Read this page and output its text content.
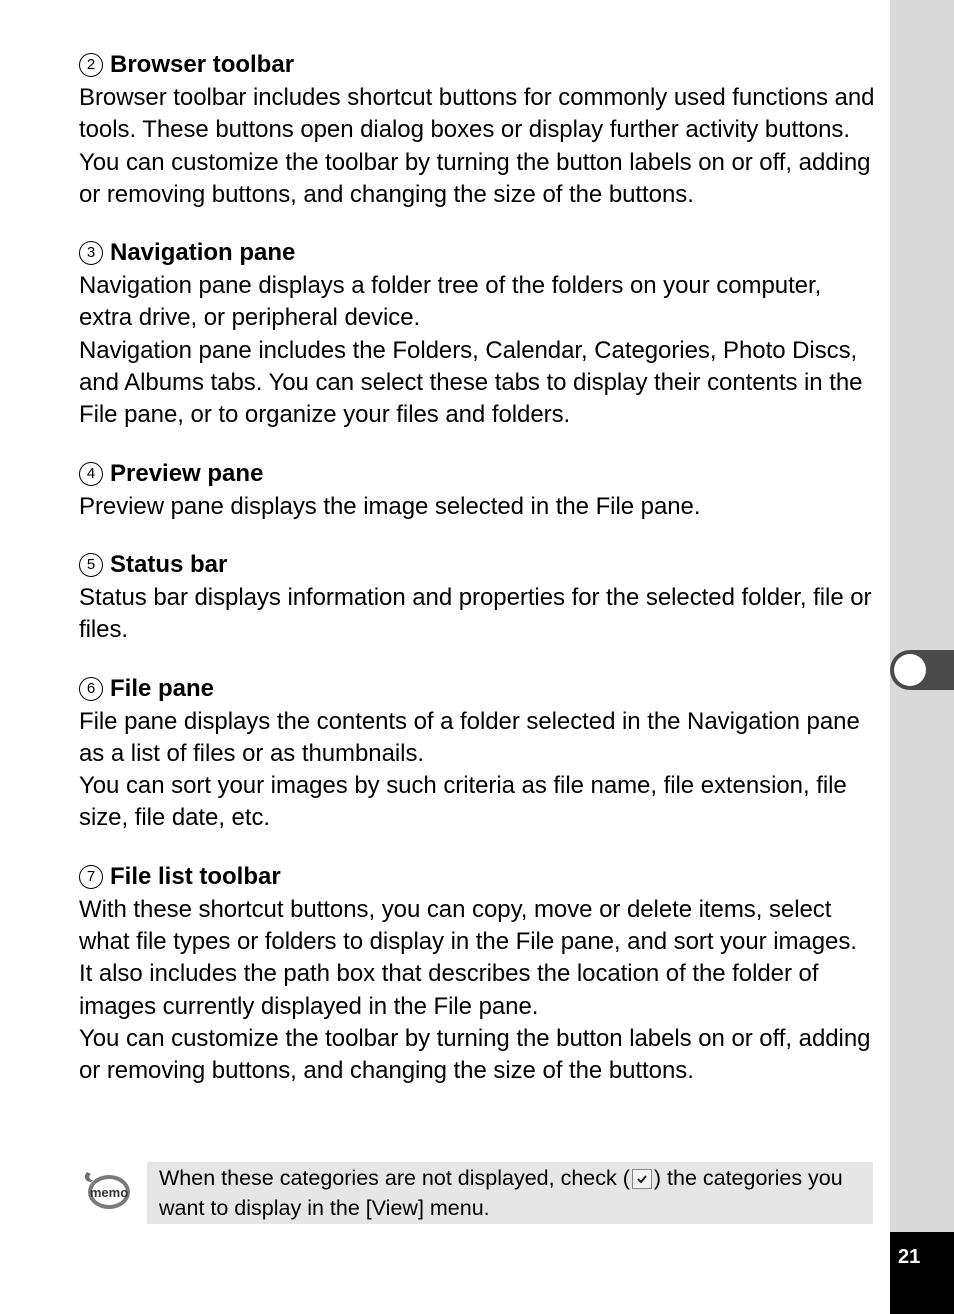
21
2 Browser toolbar

Browser toolbar includes shortcut buttons for commonly used functions and tools. These buttons open dialog boxes or display further activity buttons.

You can customize the toolbar by turning the button labels on or off, adding or removing buttons, and changing the size of the buttons.

3 Navigation pane

Navigation pane displays a folder tree of the folders on your computer, extra drive, or peripheral device.

Navigation pane includes the Folders, Calendar, Categories, Photo Discs, and Albums tabs. You can select these tabs to display their contents in the File pane, or to organize your files and folders.

4 Preview pane

Preview pane displays the image selected in the File pane.

5 Status bar

Status bar displays information and properties for the selected folder, file or files.

6 File pane

File pane displays the contents of a folder selected in the Navigation pane as a list of files or as thumbnails.

You can sort your images by such criteria as file name, file extension, file size, file date, etc.

7 File list toolbar

With these shortcut buttons, you can copy, move or delete items, select what file types or folders to display in the File pane, and sort your images.

It also includes the path box that describes the location of the folder of images currently displayed in the File pane.

You can customize the toolbar by turning the button labels on or off, adding or removing buttons, and changing the size of the buttons.

memo

When these categories are not displayed, check ( ) the categories you want to display in the [View] menu.
